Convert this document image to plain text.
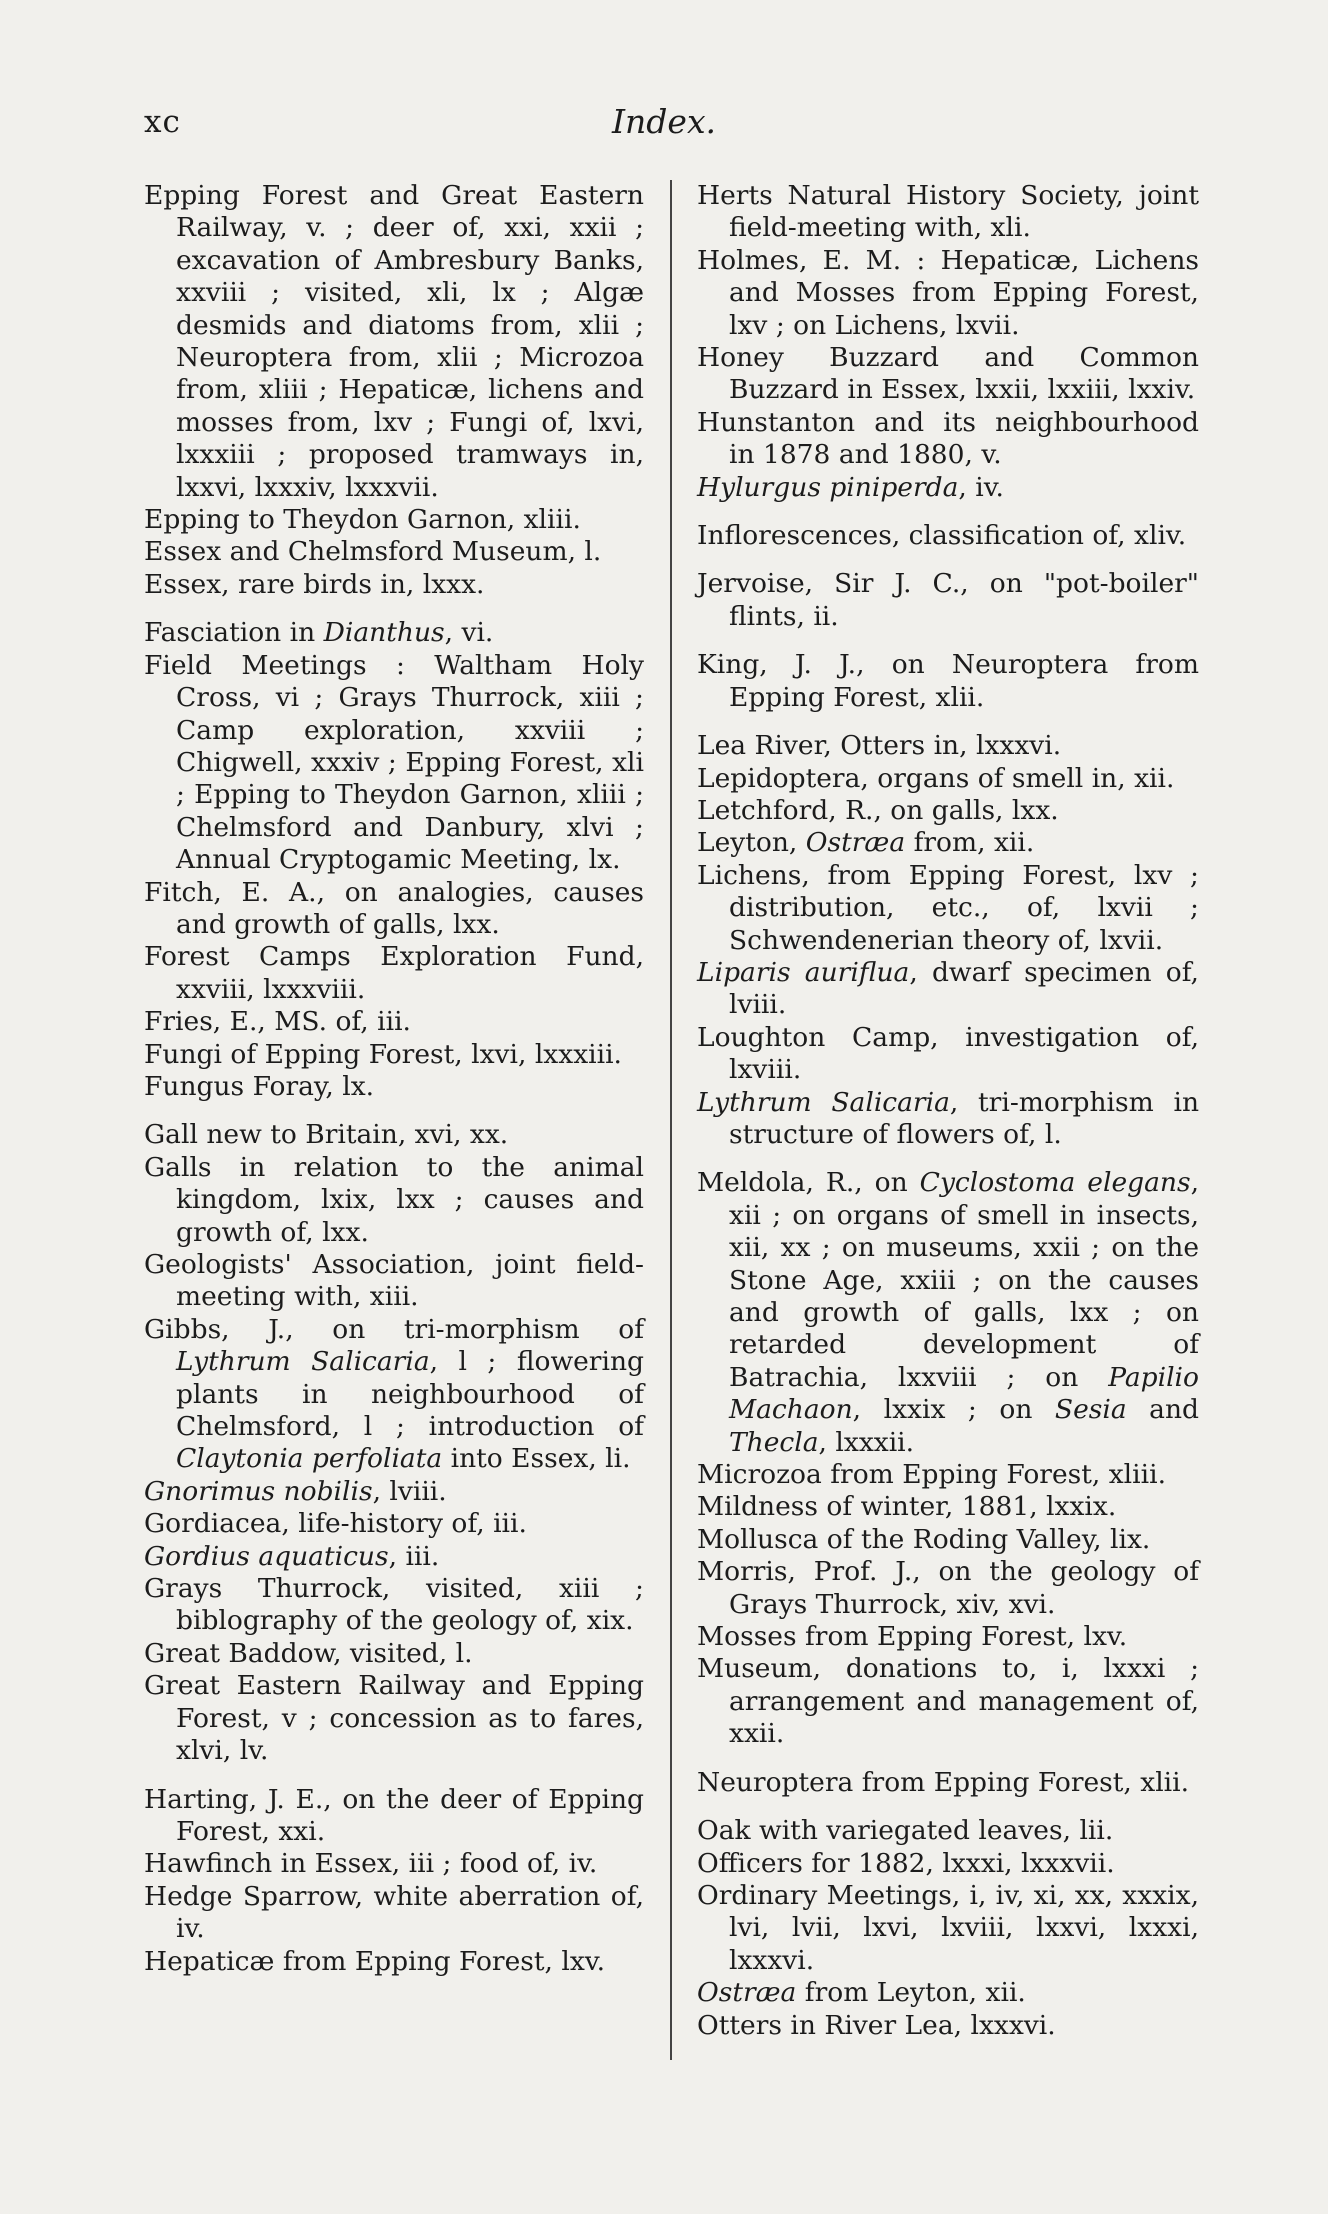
xc	Index.

Epping Forest and Great Eastern Railway, v. ; deer of, xxi, xxii ; excavation of Ambresbury Banks, xxviii ; visited, xli, lx ; Algæ desmids and diatoms from, xlii ; Neuroptera from, xlii ; Microzoa from, xliii ; Hepaticæ, lichens and mosses from, lxv ; Fungi of, lxvi, lxxxiii ; proposed tramways in, lxxvi, lxxxiv, lxxxvii.

Epping to Theydon Garnon, xliii.

Essex and Chelmsford Museum, l.

Essex, rare birds in, lxxx.

Fasciation in Dianthus, vi.

Field Meetings : Waltham Holy Cross, vi ; Grays Thurrock, xiii ; Camp exploration, xxviii ; Chigwell, xxxiv ; Epping Forest, xli ; Epping to Theydon Garnon, xliii ; Chelmsford and Danbury, xlvi ; Annual Cryptogamic Meeting, lx.

Fitch, E. A., on analogies, causes and growth of galls, lxx.

Forest Camps Exploration Fund, xxviii, lxxxviii.

Fries, E., MS. of, iii.

Fungi of Epping Forest, lxvi, lxxxiii.

Fungus Foray, lx.

Gall new to Britain, xvi, xx.

Galls in relation to the animal kingdom, lxix, lxx ; causes and growth of, lxx.

Geologists' Association, joint field-meeting with, xiii.

Gibbs, J., on tri-morphism of Lythrum Salicaria, l ; flowering plants in neighbourhood of Chelmsford, l ; introduction of Claytonia perfoliata into Essex, li.

Gnorimus nobilis, lviii.

Gordiacea, life-history of, iii.

Gordius aquaticus, iii.

Grays Thurrock, visited, xiii ; biblography of the geology of, xix.

Great Baddow, visited, l.

Great Eastern Railway and Epping Forest, v ; concession as to fares, xlvi, lv.

Harting, J. E., on the deer of Epping Forest, xxi.

Hawfinch in Essex, iii ; food of, iv.

Hedge Sparrow, white aberration of, iv.

Hepaticæ from Epping Forest, lxv.

Herts Natural History Society, joint field-meeting with, xli.

Holmes, E. M. : Hepaticæ, Lichens and Mosses from Epping Forest, lxv ; on Lichens, lxvii.

Honey Buzzard and Common Buzzard in Essex, lxxii, lxxiii, lxxiv.

Hunstanton and its neighbourhood in 1878 and 1880, v.

Hylurgus piniperda, iv.

Inflorescences, classification of, xliv.

Jervoise, Sir J. C., on "pot-boiler" flints, ii.

King, J. J., on Neuroptera from Epping Forest, xlii.

Lea River, Otters in, lxxxvi.

Lepidoptera, organs of smell in, xii.

Letchford, R., on galls, lxx.

Leyton, Ostræa from, xii.

Lichens, from Epping Forest, lxv ; distribution, etc., of, lxvii ; Schwendenerian theory of, lxvii.

Liparis auriflua, dwarf specimen of, lviii.

Loughton Camp, investigation of, lxviii.

Lythrum Salicaria, tri-morphism in structure of flowers of, l.

Meldola, R., on Cyclostoma elegans, xii ; on organs of smell in insects, xii, xx ; on museums, xxii ; on the Stone Age, xxiii ; on the causes and growth of galls, lxx ; on retarded development of Batrachia, lxxviii ; on Papilio Machaon, lxxix ; on Sesia and Thecla, lxxxii.

Microzoa from Epping Forest, xliii.

Mildness of winter, 1881, lxxix.

Mollusca of the Roding Valley, lix.

Morris, Prof. J., on the geology of Grays Thurrock, xiv, xvi.

Mosses from Epping Forest, lxv.

Museum, donations to, i, lxxxi ; arrangement and management of, xxii.

Neuroptera from Epping Forest, xlii.

Oak with variegated leaves, lii.

Officers for 1882, lxxxi, lxxxvii.

Ordinary Meetings, i, iv, xi, xx, xxxix, lvi, lvii, lxvi, lxviii, lxxvi, lxxxi, lxxxvi.

Ostræa from Leyton, xii.

Otters in River Lea, lxxxvi.
